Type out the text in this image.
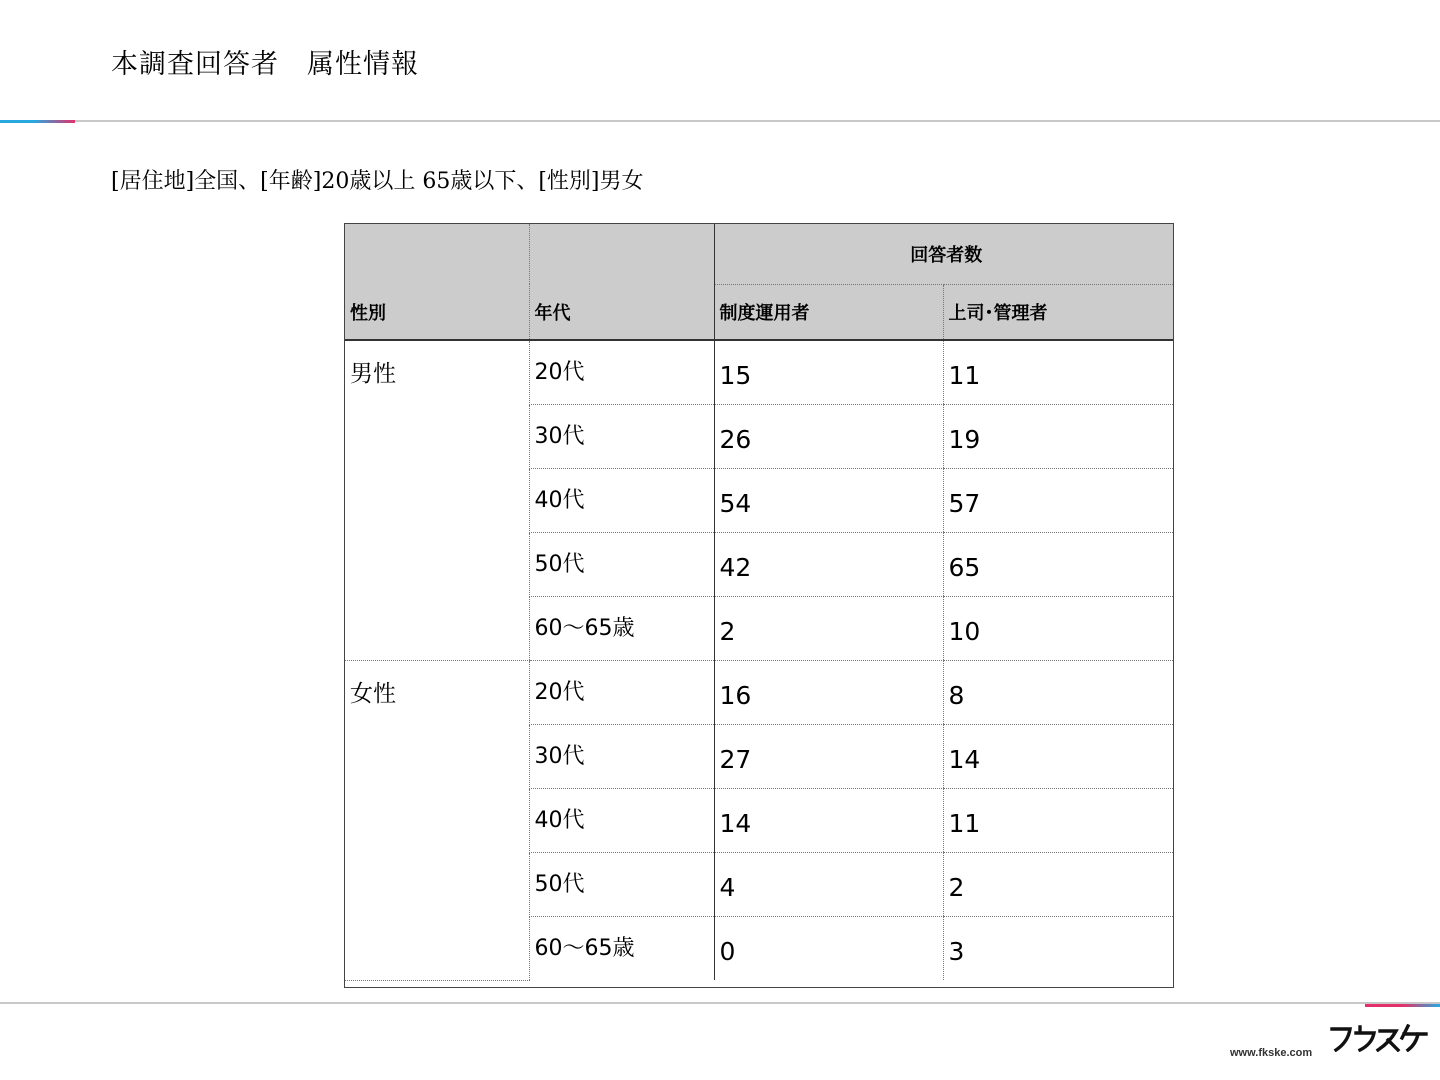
本調査回答者　属性情報
[居住地]全国、[年齢]20歳以上 65歳以下、[性別]男女
		回答者数	
性別	年代	制度運用者	上司･管理者
男性	20代	15	11
	30代	26	19
	40代	54	57
	50代	42	65
	60～65歳	2	10
女性	20代	16	8
	30代	27	14
	40代	14	11
	50代	4	2
	60～65歳	0	3
www.fkske.com
